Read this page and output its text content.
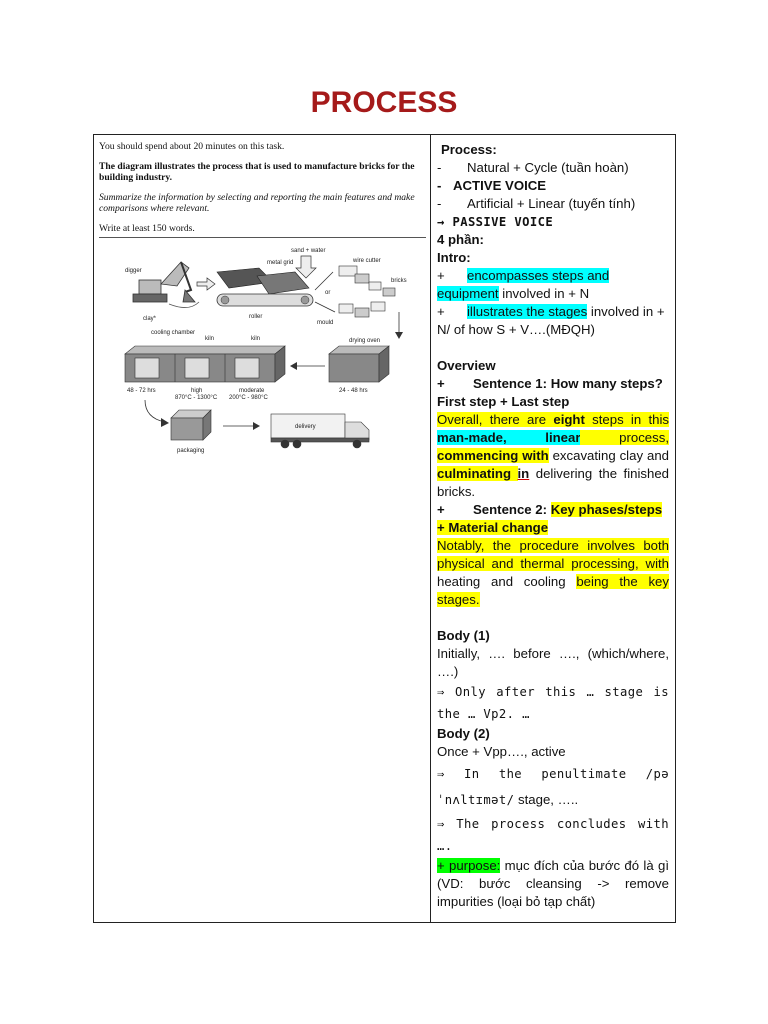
PROCESS

You should spend about 20 minutes on this task.

The diagram illustrates the process that is used to manufacture bricks for the building industry.

Summarize the information by selecting and reporting the main features and make comparisons where relevant.

Write at least 150 words.

digger
clay*
metal grid
roller
sand + water
or
wire cutter
bricks
mould
drying oven
24 - 48 hrs
cooling chamber
kiln	kiln
48 - 72 hrs	high
870°C - 1300°C
moderate
200°C - 980°C
packaging
delivery
Process:
- Natural + Cycle (tuần hoàn)
- ACTIVE VOICE
- Artificial + Linear (tuyến tính)
→ PASSIVE VOICE
4 phần:
Intro:
+ encompasses steps and equipment involved in + N
+ illustrates the stages involved in + N/ of how S + V….(MĐQH)
Overview
+ Sentence 1: How many steps?
First step + Last step
Overall, there are eight steps in this man-made, linear process, commencing with excavating clay and culminating in delivering the finished bricks.
+ Sentence 2: Key phases/steps + Material change
Notably, the procedure involves both physical and thermal processing, with heating and cooling being the key stages.
Body (1)
Initially, …. before …., (which/where, ….)
⇒ Only after this … stage is the … Vp2. …
Body (2)
Once + Vpp…., active
⇒ In the penultimate /pə ˈnʌltɪmət/ stage, …..
⇒ The process concludes with ….
+ purpose: mục đích của bước đó là gì (VD: bước cleansing -> remove impurities (loại bỏ tạp chất)
